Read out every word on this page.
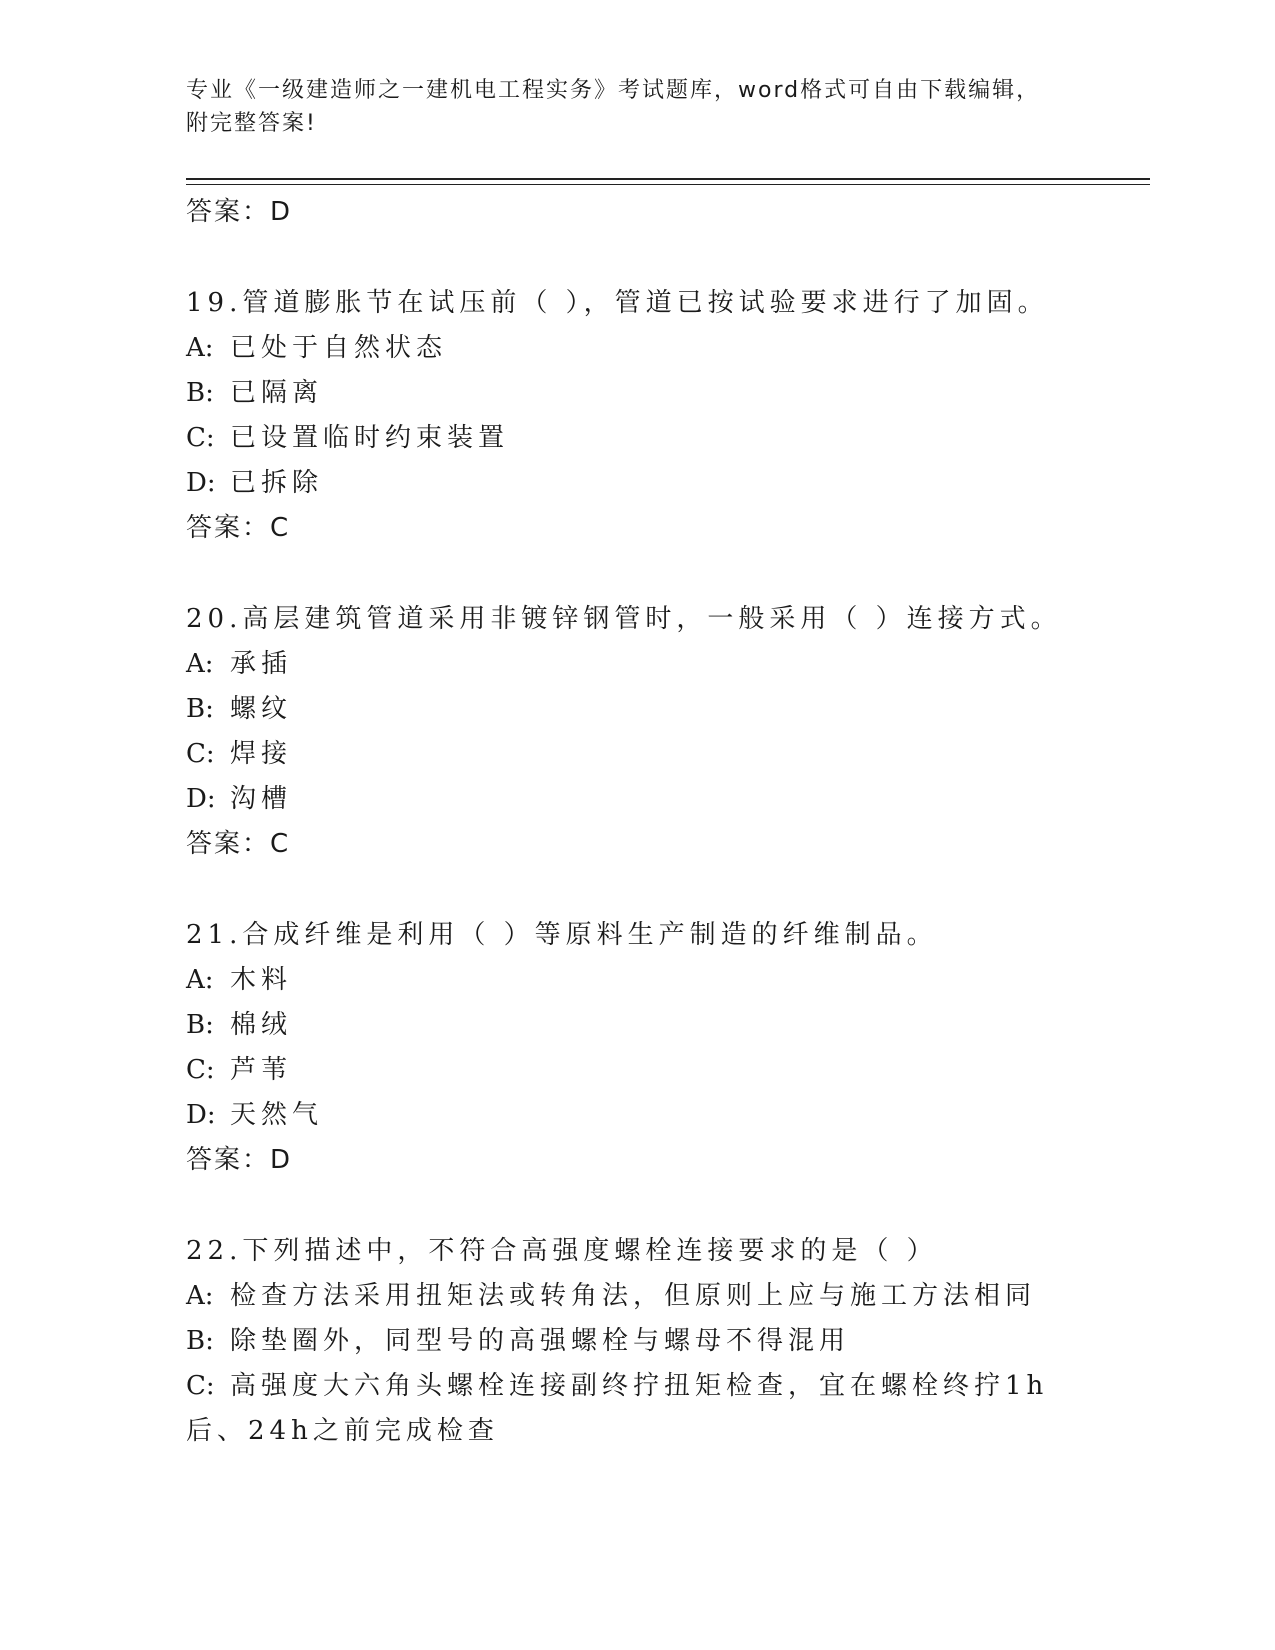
专业《一级建造师之一建机电工程实务》考试题库，word格式可自由下载编辑，
附完整答案!
答案：D
19.管道膨胀节在试压前（ ），管道已按试验要求进行了加固。
A: 已处于自然状态
B: 已隔离
C: 已设置临时约束装置
D: 已拆除
答案：C
20.高层建筑管道采用非镀锌钢管时，一般采用（ ）连接方式。
A: 承插
B: 螺纹
C: 焊接
D: 沟槽
答案：C
21.合成纤维是利用（ ）等原料生产制造的纤维制品。
A: 木料
B: 棉绒
C: 芦苇
D: 天然气
答案：D
22.下列描述中，不符合高强度螺栓连接要求的是（ ）
A: 检查方法采用扭矩法或转角法，但原则上应与施工方法相同
B: 除垫圈外，同型号的高强螺栓与螺母不得混用
C: 高强度大六角头螺栓连接副终拧扭矩检查，宜在螺栓终拧1h后、24h之前完成检查
